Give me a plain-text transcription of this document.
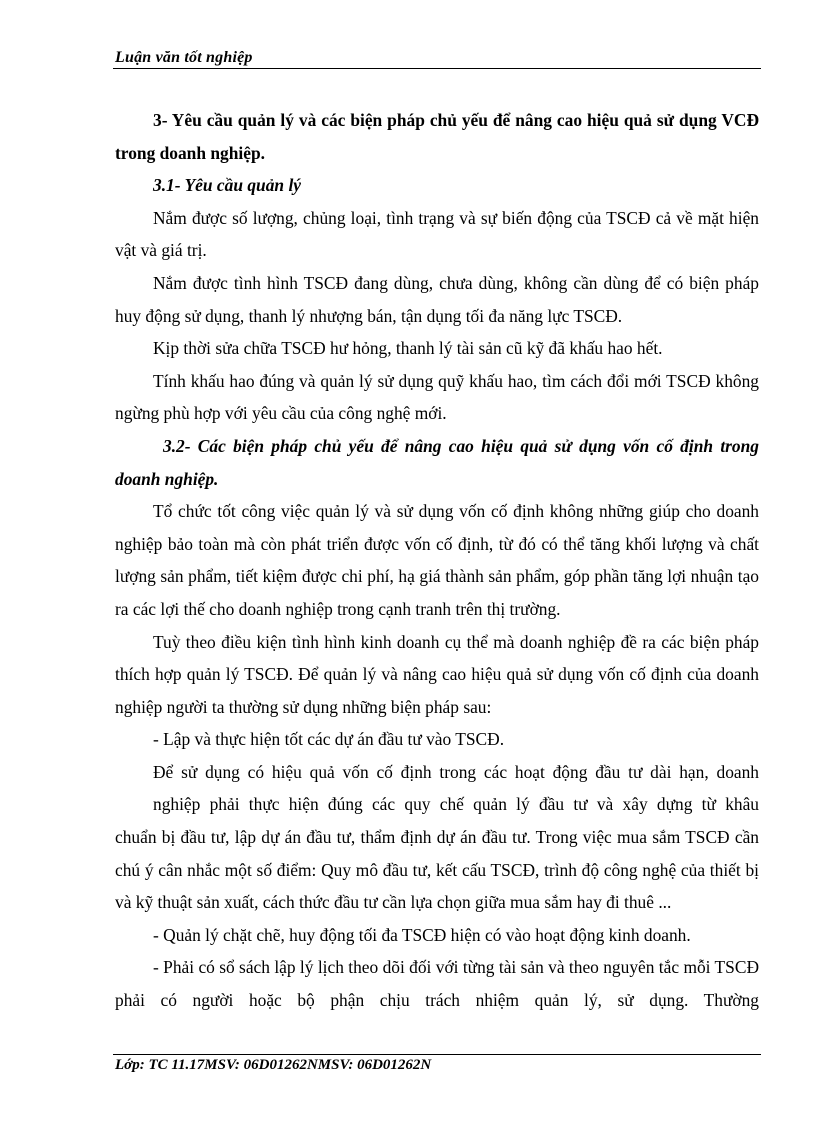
Luận văn tốt nghiệp

3- Yêu cầu quản lý và các biện pháp chủ yếu để nâng cao hiệu quả sử dụng VCĐ trong doanh nghiệp.

3.1- Yêu cầu quản lý

Nắm được số lượng, chủng loại, tình trạng và sự biến động của TSCĐ cả về mặt hiện vật và giá trị.

Nắm được tình hình TSCĐ đang dùng, chưa dùng, không cần dùng để có biện pháp huy động sử dụng, thanh lý nhượng bán, tận dụng tối đa năng lực TSCĐ.

Kịp thời sửa chữa TSCĐ hư hỏng, thanh lý tài sản cũ kỹ đã khấu hao hết.

Tính khấu hao đúng và quản lý sử dụng quỹ khấu hao, tìm cách đổi mới TSCĐ không ngừng phù hợp với yêu cầu của công nghệ mới.

3.2- Các biện pháp chủ yếu để nâng cao hiệu quả sử dụng vốn cố định trong doanh nghiệp.

Tổ chức tốt công việc quản lý và sử dụng vốn cố định không những giúp cho doanh nghiệp bảo toàn mà còn phát triển được vốn cố định, từ đó có thể tăng khối lượng và chất lượng sản phẩm, tiết kiệm được chi phí, hạ giá thành sản phẩm, góp phần tăng lợi nhuận tạo ra các lợi thế cho doanh nghiệp trong cạnh tranh trên thị trường.

Tuỳ theo điều kiện tình hình kinh doanh cụ thể mà doanh nghiệp đề ra các biện pháp thích hợp quản lý TSCĐ. Để quản lý và nâng cao hiệu quả sử dụng vốn cố định của doanh nghiệp người ta thường sử dụng những biện pháp sau:

- Lập và thực hiện tốt các dự án đầu tư vào TSCĐ.

Để sử dụng có hiệu quả vốn cố định trong các hoạt động đầu tư dài hạn, doanh

nghiệp phải thực hiện đúng các quy chế quản lý đầu tư và xây dựng từ khâu

chuẩn bị đầu tư, lập dự án đầu tư, thẩm định dự án đầu tư. Trong việc mua sắm TSCĐ cần chú ý cân nhắc một số điểm: Quy mô đầu tư, kết cấu TSCĐ, trình độ công nghệ của thiết bị và kỹ thuật sản xuất, cách thức đầu tư cần lựa chọn giữa mua sắm hay đi thuê ...

- Quản lý chặt chẽ, huy động tối đa TSCĐ hiện có vào hoạt động kinh doanh.

- Phải có sổ sách lập lý lịch theo dõi đối với từng tài sản và theo nguyên tắc mỗi TSCĐ phải có người hoặc bộ phận chịu trách nhiệm quản lý, sử dụng. Thường

Lớp: TC 11.17MSV: 06D01262NMSV: 06D01262N
